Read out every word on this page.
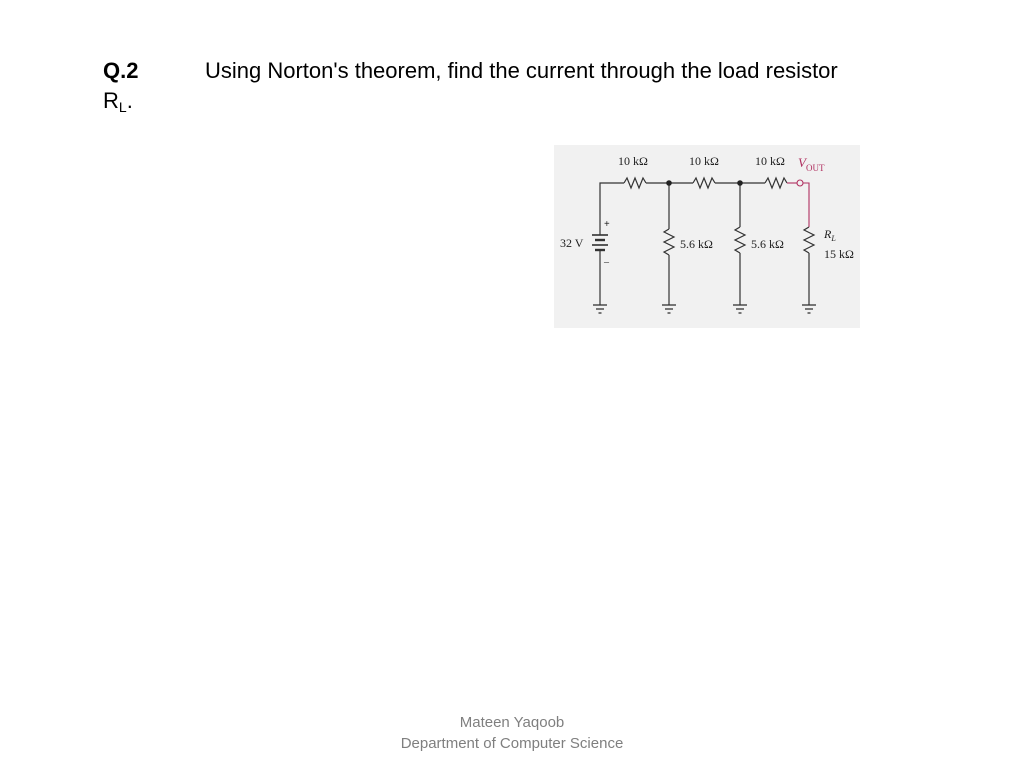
Q.2	Using Norton's theorem, find the current through the load resistor
RL.
10 kΩ	10 kΩ	10 kΩ $V_{OUT}$
+
–
32 V	5.6 kΩ	5.6 kΩ
$R_L$
15 kΩ
Mateen Yaqoob
Department of Computer Science
